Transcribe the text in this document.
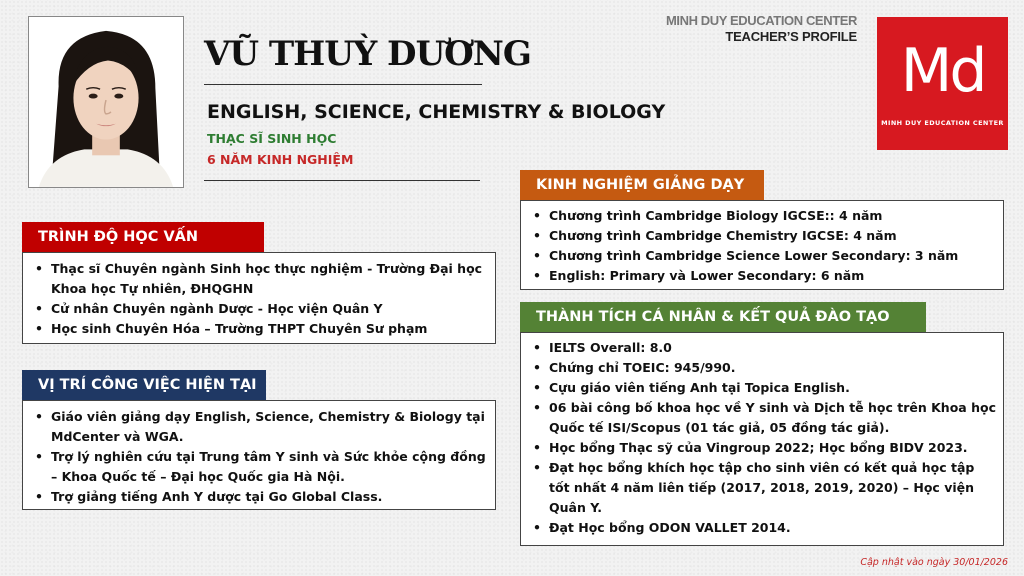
VŨ THUỲ DƯƠNG
ENGLISH, SCIENCE, CHEMISTRY & BIOLOGY
THẠC SĨ SINH HỌC
6 NĂM KINH NGHIỆM
MINH DUY EDUCATION CENTER
TEACHER’S PROFILE Md
MINH DUY EDUCATION CENTER
TRÌNH ĐỘ HỌC VẤN
• Thạc sĩ Chuyên ngành Sinh học thực nghiệm - Trường Đại học Khoa học Tự nhiên, ĐHQGHN
• Cử nhân Chuyên ngành Dược - Học viện Quân Y
• Học sinh Chuyên Hóa – Trường THPT Chuyên Sư phạm
VỊ TRÍ CÔNG VIỆC HIỆN TẠI
• Giáo viên giảng dạy English, Science, Chemistry & Biology tại MdCenter và WGA.
• Trợ lý nghiên cứu tại Trung tâm Y sinh và Sức khỏe cộng đồng – Khoa Quốc tế – Đại học Quốc gia Hà Nội.
• Trợ giảng tiếng Anh Y dược tại Go Global Class.
KINH NGHIỆM GIẢNG DẠY
• Chương trình Cambridge Biology IGCSE:: 4 năm
• Chương trình Cambridge Chemistry IGCSE: 4 năm
• Chương trình Cambridge Science Lower Secondary: 3 năm
• English: Primary và Lower Secondary: 6 năm
THÀNH TÍCH CÁ NHÂN & KẾT QUẢ ĐÀO TẠO
• IELTS Overall: 8.0
• Chứng chỉ TOEIC: 945/990.
• Cựu giáo viên tiếng Anh tại Topica English.
• 06 bài công bố khoa học về Y sinh và Dịch tễ học trên Khoa học Quốc tế ISI/Scopus (01 tác giả, 05 đồng tác giả).
• Học bổng Thạc sỹ của Vingroup 2022; Học bổng BIDV 2023.
• Đạt học bổng khích học tập cho sinh viên có kết quả học tập tốt nhất 4 năm liên tiếp (2017, 2018, 2019, 2020) – Học viện Quân Y.
• Đạt Học bổng ODON VALLET 2014.
Cập nhật vào ngày 30/01/2026
